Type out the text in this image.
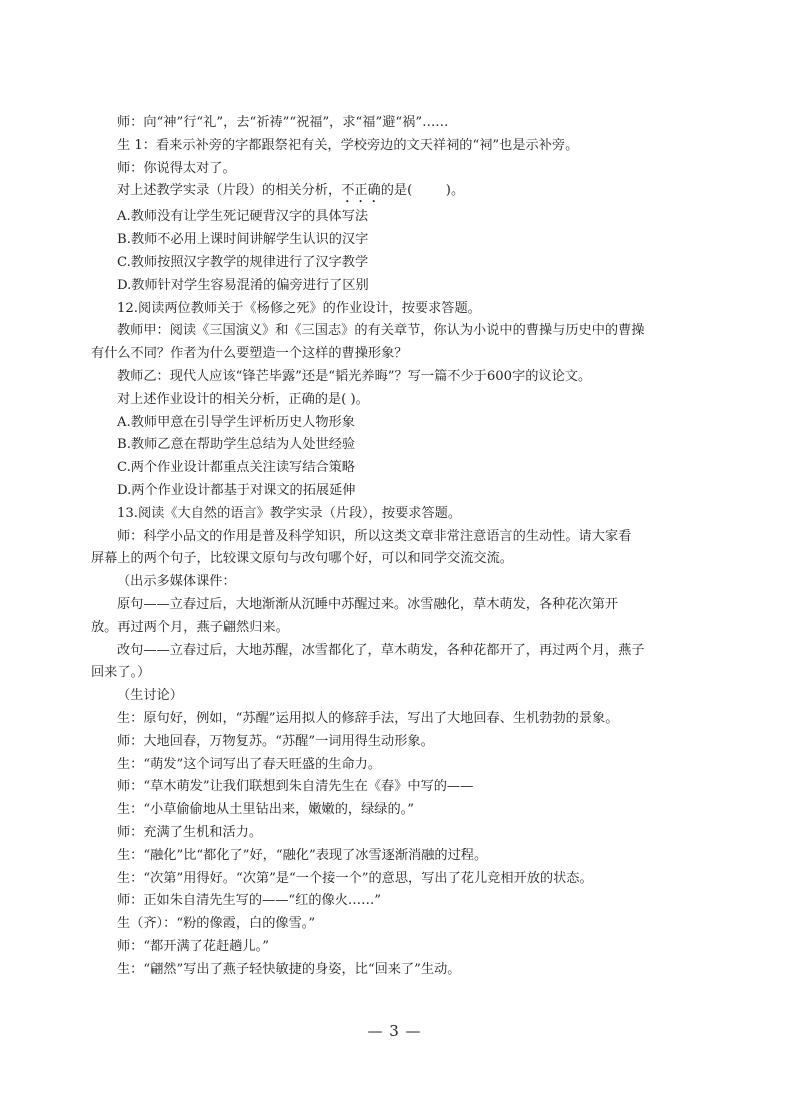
师：向“神”行“礼”，去“祈祷”“祝福”，求“福”避“祸”……
生 1：看来示补旁的字都跟祭祀有关，学校旁边的文天祥祠的“祠”也是示补旁。
师：你说得太对了。
对上述教学实录（片段）的相关分析，不正确的是(        )。
A.教师没有让学生死记硬背汉字的具体写法
B.教师不必用上课时间讲解学生认识的汉字
C.教师按照汉字教学的规律进行了汉字教学
D.教师针对学生容易混淆的偏旁进行了区别
12.阅读两位教师关于《杨修之死》的作业设计，按要求答题。
教师甲：阅读《三国演义》和《三国志》的有关章节，你认为小说中的曹操与历史中的曹操
有什么不同？作者为什么要塑造一个这样的曹操形象？
教师乙：现代人应该“锋芒毕露”还是“韬光养晦”？写一篇不少于600字的议论文。
对上述作业设计的相关分析，正确的是( )。
A.教师甲意在引导学生评析历史人物形象
B.教师乙意在帮助学生总结为人处世经验
C.两个作业设计都重点关注读写结合策略
D.两个作业设计都基于对课文的拓展延伸
13.阅读《大自然的语言》教学实录（片段），按要求答题。
师：科学小品文的作用是普及科学知识，所以这类文章非常注意语言的生动性。请大家看
屏幕上的两个句子，比较课文原句与改句哪个好，可以和同学交流交流。
（出示多媒体课件：
原句——立春过后，大地渐渐从沉睡中苏醒过来。冰雪融化，草木萌发，各种花次第开
放。再过两个月，燕子翩然归来。
改句——立春过后，大地苏醒，冰雪都化了，草木萌发，各种花都开了，再过两个月，燕子
回来了。）
（生讨论）
生：原句好，例如，“苏醒”运用拟人的修辞手法，写出了大地回春、生机勃勃的景象。
师：大地回春，万物复苏。“苏醒”一词用得生动形象。
生：“萌发”这个词写出了春天旺盛的生命力。
师：“草木萌发”让我们联想到朱自清先生在《春》中写的——
生：“小草偷偷地从土里钻出来，嫩嫩的，绿绿的。”
师：充满了生机和活力。
生：“融化”比“都化了”好，“融化”表现了冰雪逐渐消融的过程。
生：“次第”用得好。“次第”是“一个接一个”的意思，写出了花儿竞相开放的状态。
师：正如朱自清先生写的——“红的像火……”
生（齐）：“粉的像霞，白的像雪。”
师：“都开满了花赶趟儿。”
生：“翩然”写出了燕子轻快敏捷的身姿，比“回来了”生动。
— 3 —
